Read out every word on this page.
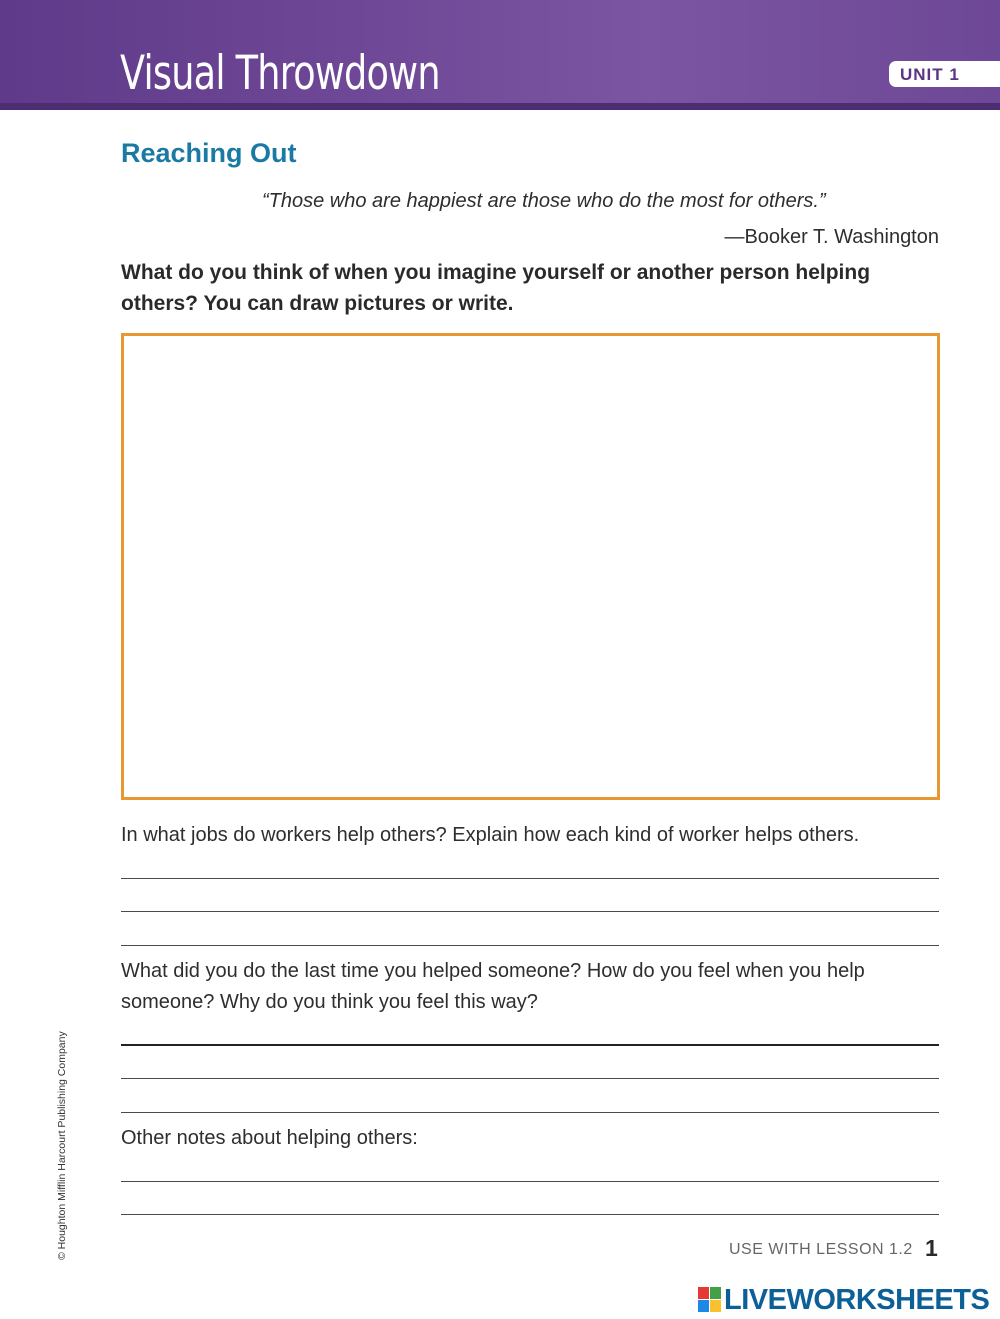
Visual Throwdown	UNIT 1
Reaching Out
“Those who are happiest are those who do the most for others.”
—Booker T. Washington
What do you think of when you imagine yourself or another person helping others? You can draw pictures or write.
In what jobs do workers help others? Explain how each kind of worker helps others.
What did you do the last time you helped someone? How do you feel when you help someone? Why do you think you feel this way?
Other notes about helping others:
© Houghton Mifflin Harcourt Publishing Company	USE WITH LESSON 1.2 1
LIVEWORKSHEETS
